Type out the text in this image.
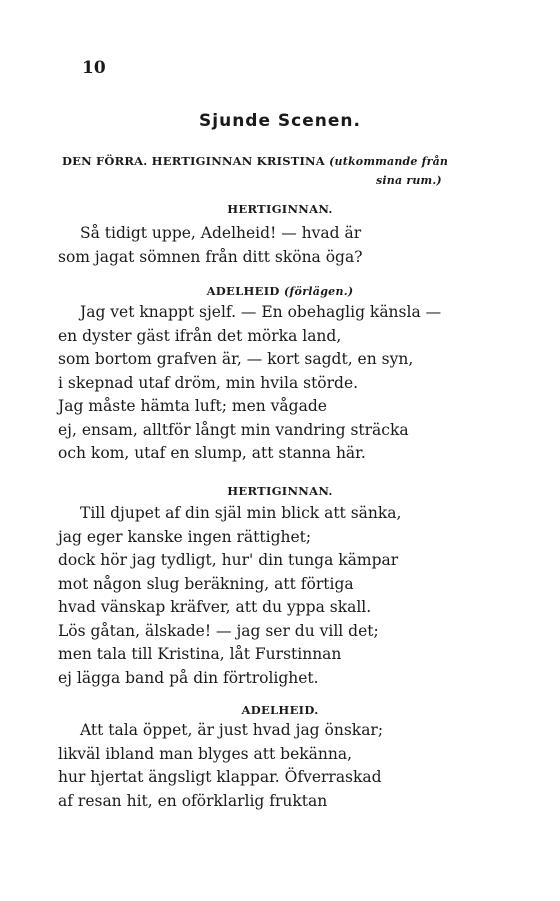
10
Sjunde Scenen.
DEN FÖRRA. HERTIGINNAN KRISTINA (utkommande från
sina rum.)
HERTIGINNAN.
Så tidigt uppe, Adelheid! — hvad är
som jagat sömnen från ditt sköna öga?
ADELHEID (förlägen.)
Jag vet knappt sjelf. — En obehaglig känsla —
en dyster gäst ifrån det mörka land,
som bortom grafven är, — kort sagdt, en syn,
i skepnad utaf dröm, min hvila störde.
Jag måste hämta luft; men vågade
ej, ensam, alltför långt min vandring sträcka
och kom, utaf en slump, att stanna här.
HERTIGINNAN.
Till djupet af din själ min blick att sänka,
jag eger kanske ingen rättighet;
dock hör jag tydligt, hur' din tunga kämpar
mot någon slug beräkning, att förtiga
hvad vänskap kräfver, att du yppa skall.
Lös gåtan, älskade! — jag ser du vill det;
men tala till Kristina, låt Furstinnan
ej lägga band på din förtrolighet.
ADELHEID.
Att tala öppet, är just hvad jag önskar;
likväl ibland man blyges att bekänna,
hur hjertat ängsligt klappar. Öfverraskad
af resan hit, en oförklarlig fruktan
